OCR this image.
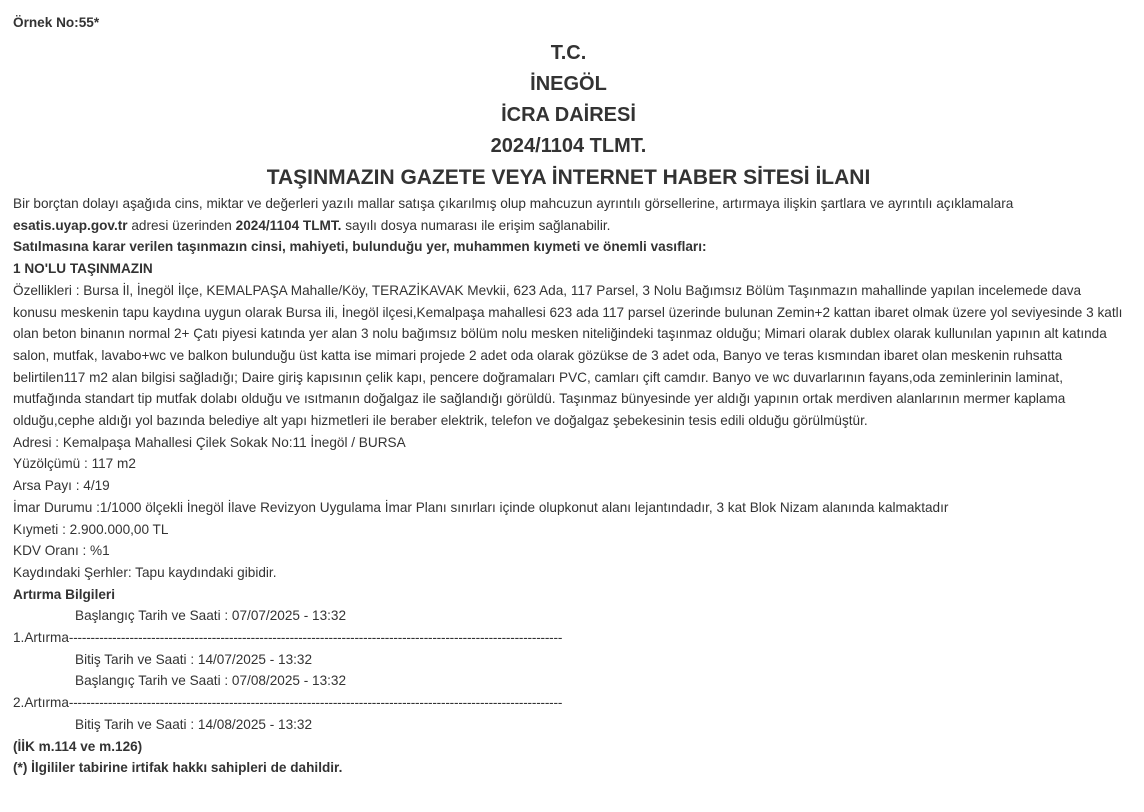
Örnek No:55*
T.C.
İNEGÖL
İCRA DAİRESİ
2024/1104 TLMT.
TAŞINMAZIN GAZETE VEYA İNTERNET HABER SİTESİ İLANI

Bir borçtan dolayı aşağıda cins, miktar ve değerleri yazılı mallar satışa çıkarılmış olup mahcuzun ayrıntılı görsellerine, artırmaya ilişkin şartlara ve ayrıntılı açıklamalara esatis.uyap.gov.tr adresi üzerinden 2024/1104 TLMT. sayılı dosya numarası ile erişim sağlanabilir.

Satılmasına karar verilen taşınmazın cinsi, mahiyeti, bulunduğu yer, muhammen kıymeti ve önemli vasıfları:

1 NO'LU TAŞINMAZIN

Özellikleri : Bursa İl, İnegöl İlçe, KEMALPAŞA Mahalle/Köy, TERAZİKAVAK Mevkii, 623 Ada, 117 Parsel, 3 Nolu Bağımsız Bölüm Taşınmazın mahallinde yapılan incelemede dava konusu meskenin tapu kaydına uygun olarak Bursa ili, İnegöl ilçesi,Kemalpaşa mahallesi 623 ada 117 parsel üzerinde bulunan Zemin+2 kattan ibaret olmak üzere yol seviyesinde 3 katlı olan beton binanın normal 2+ Çatı piyesi katında yer alan 3 nolu bağımsız bölüm nolu mesken niteliğindeki taşınmaz olduğu; Mimari olarak dublex olarak kullunılan yapının alt katında salon, mutfak, lavabo+wc ve balkon bulunduğu üst katta ise mimari projede 2 adet oda olarak gözükse de 3 adet oda, Banyo ve teras kısmından ibaret olan meskenin ruhsatta belirtilen117 m2 alan bilgisi sağladığı; Daire giriş kapısının çelik kapı, pencere doğramaları PVC, camları çift camdır. Banyo ve wc duvarlarının fayans,oda zeminlerinin laminat, mutfağında standart tip mutfak dolabı olduğu ve ısıtmanın doğalgaz ile sağlandığı görüldü. Taşınmaz bünyesinde yer aldığı yapının ortak merdiven alanlarının mermer kaplama olduğu,cephe aldığı yol bazında belediye alt yapı hizmetleri ile beraber elektrik, telefon ve doğalgaz şebekesinin tesis edili olduğu görülmüştür.

Adresi : Kemalpaşa Mahallesi Çilek Sokak No:11 İnegöl / BURSA

Yüzölçümü : 117 m2

Arsa Payı : 4/19

İmar Durumu :1/1000 ölçekli İnegöl İlave Revizyon Uygulama İmar Planı sınırları içinde olupkonut alanı lejantındadır, 3 kat Blok Nizam alanında kalmaktadır

Kıymeti : 2.900.000,00 TL

KDV Oranı : %1

Kaydındaki Şerhler: Tapu kaydındaki gibidir.

Artırma Bilgileri

Başlangıç Tarih ve Saati : 07/07/2025 - 13:32

1.Artırma------------------------------------------------------------------------------------------------------------------

Bitiş Tarih ve Saati : 14/07/2025 - 13:32

Başlangıç Tarih ve Saati : 07/08/2025 - 13:32

2.Artırma------------------------------------------------------------------------------------------------------------------

Bitiş Tarih ve Saati : 14/08/2025 - 13:32

(İİK m.114 ve m.126)

(*) İlgililer tabirine irtifak hakkı sahipleri de dahildir.
